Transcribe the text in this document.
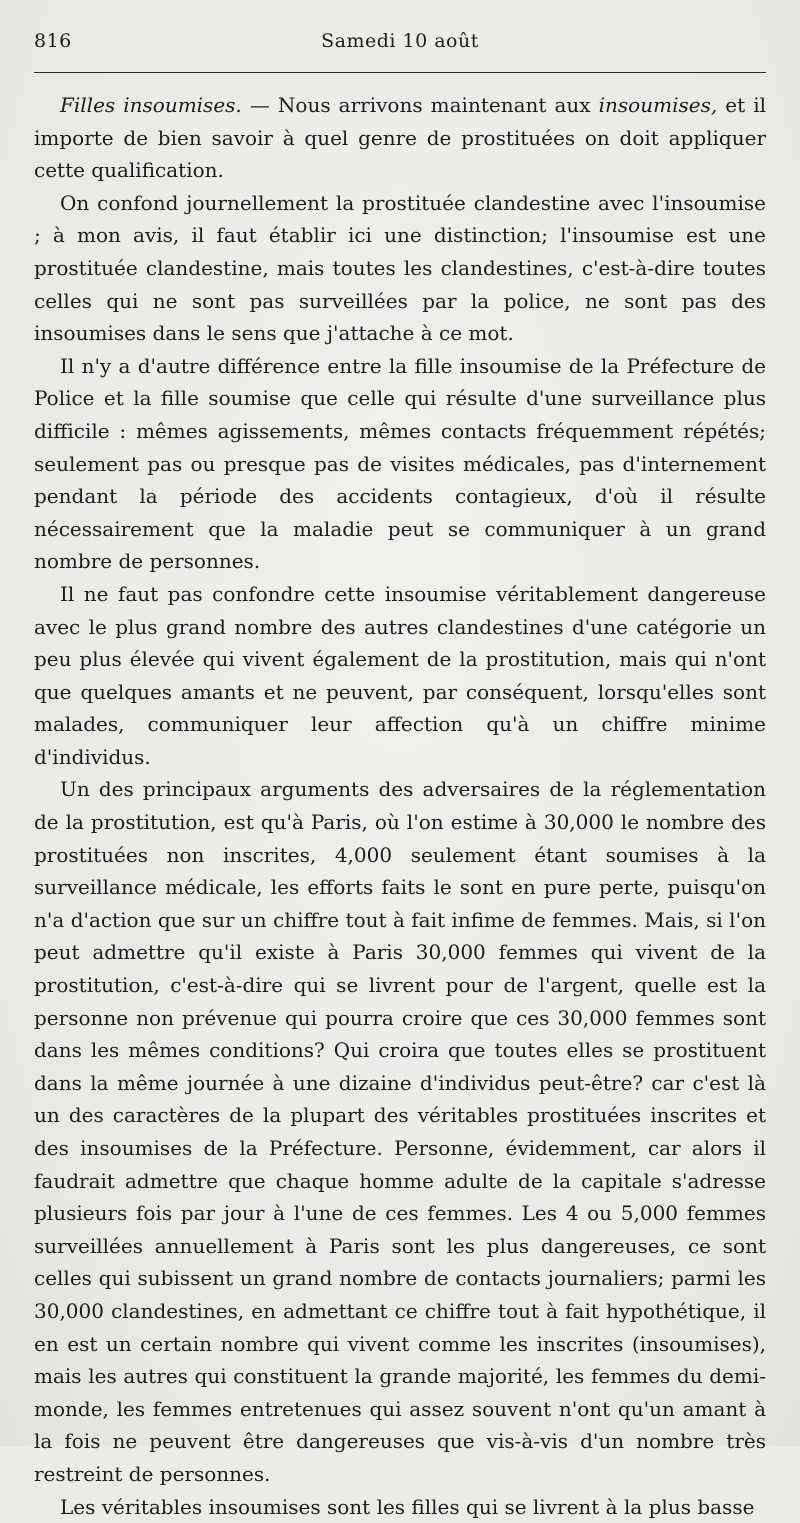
816	Samedi 10 août

Filles insoumises. — Nous arrivons maintenant aux insoumises, et il importe de bien savoir à quel genre de prostituées on doit appliquer cette qualification.

On confond journellement la prostituée clandestine avec l'insoumise ; à mon avis, il faut établir ici une distinction; l'insoumise est une prostituée clandestine, mais toutes les clandestines, c'est-à-dire toutes celles qui ne sont pas surveillées par la police, ne sont pas des insoumises dans le sens que j'attache à ce mot.

Il n'y a d'autre différence entre la fille insoumise de la Préfecture de Police et la fille soumise que celle qui résulte d'une surveillance plus difficile : mêmes agissements, mêmes contacts fréquemment répétés; seulement pas ou presque pas de visites médicales, pas d'internement pendant la période des accidents contagieux, d'où il résulte nécessairement que la maladie peut se communiquer à un grand nombre de personnes.

Il ne faut pas confondre cette insoumise véritablement dangereuse avec le plus grand nombre des autres clandestines d'une catégorie un peu plus élevée qui vivent également de la prostitution, mais qui n'ont que quelques amants et ne peuvent, par conséquent, lorsqu'elles sont malades, communiquer leur affection qu'à un chiffre minime d'individus.

Un des principaux arguments des adversaires de la réglementation de la prostitution, est qu'à Paris, où l'on estime à 30,000 le nombre des prostituées non inscrites, 4,000 seulement étant soumises à la surveillance médicale, les efforts faits le sont en pure perte, puisqu'on n'a d'action que sur un chiffre tout à fait infime de femmes. Mais, si l'on peut admettre qu'il existe à Paris 30,000 femmes qui vivent de la prostitution, c'est-à-dire qui se livrent pour de l'argent, quelle est la personne non prévenue qui pourra croire que ces 30,000 femmes sont dans les mêmes conditions? Qui croira que toutes elles se prostituent dans la même journée à une dizaine d'individus peut-être? car c'est là un des caractères de la plupart des véritables prostituées inscrites et des insoumises de la Préfecture. Personne, évidemment, car alors il faudrait admettre que chaque homme adulte de la capitale s'adresse plusieurs fois par jour à l'une de ces femmes. Les 4 ou 5,000 femmes surveillées annuellement à Paris sont les plus dangereuses, ce sont celles qui subissent un grand nombre de contacts journaliers; parmi les 30,000 clandestines, en admettant ce chiffre tout à fait hypothétique, il en est un certain nombre qui vivent comme les inscrites (insoumises), mais les autres qui constituent la grande majorité, les femmes du demi-monde, les femmes entretenues qui assez souvent n'ont qu'un amant à la fois ne peuvent être dangereuses que vis-à-vis d'un nombre très restreint de personnes.

Les véritables insoumises sont les filles qui se livrent à la plus basse
